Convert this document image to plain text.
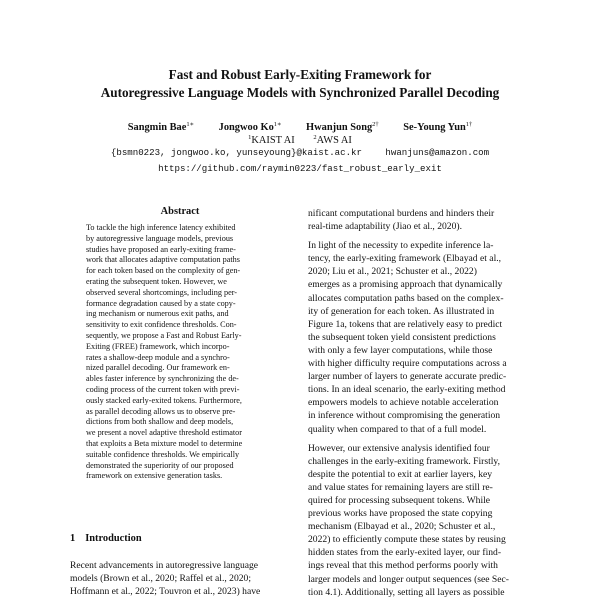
Fast and Robust Early-Exiting Framework for
Autoregressive Language Models with Synchronized Parallel Decoding
Sangmin Bae$^{1∗}$ Jongwoo $Ko^{1∗}$ Hwanjun Song$^{2\dagger}$ Se-Young Yun$^{1\dagger}$
$^1$KAIST AI	$^2$AWS AI
{bsmn0223, jongwoo.ko, yunseyoung}@kaist.ac.kr	hwanjuns@amazon.com
https://github.com/raymin0223/fast_robust_early_exit
Abstract
To tackle the high inference latency exhibited
by autoregressive language models, previous
studies have proposed an early-exiting frame-
work that allocates adaptive computation paths
for each token based on the complexity of gen-
erating the subsequent token. However, we
observed several shortcomings, including per-
formance degradation caused by a state copy-
ing mechanism or numerous exit paths, and
sensitivity to exit confidence thresholds. Con-
sequently, we propose a Fast and Robust Early-
Exiting (FREE) framework, which incorpo-
rates a shallow-deep module and a synchro-
nized parallel decoding. Our framework en-
ables faster inference by synchronizing the de-
coding process of the current token with previ-
ously stacked early-exited tokens. Furthermore,
as parallel decoding allows us to observe pre-
dictions from both shallow and deep models,
we present a novel adaptive threshold estimator
that exploits a Beta mixture model to determine
suitable confidence thresholds. We empirically
demonstrated the superiority of our proposed
framework on extensive generation tasks.
1 Introduction
Recent advancements in autoregressive language
models (Brown et al., 2020; Raffel et al., 2020;
Hoffmann et al., 2022; Touvron et al., 2023) have
nificant computational burdens and hinders their
real-time adaptability (Jiao et al., 2020).
In light of the necessity to expedite inference la-
tency, the early-exiting framework (Elbayad et al.,
2020; Liu et al., 2021; Schuster et al., 2022)
emerges as a promising approach that dynamically
allocates computation paths based on the complex-
ity of generation for each token. As illustrated in
Figure 1a, tokens that are relatively easy to predict
the subsequent token yield consistent predictions
with only a few layer computations, while those
with higher difficulty require computations across a
larger number of layers to generate accurate predic-
tions. In an ideal scenario, the early-exiting method
empowers models to achieve notable acceleration
in inference without compromising the generation
quality when compared to that of a full model.
However, our extensive analysis identified four
challenges in the early-exiting framework. Firstly,
despite the potential to exit at earlier layers, key
and value states for remaining layers are still re-
quired for processing subsequent tokens. While
previous works have proposed the state copying
mechanism (Elbayad et al., 2020; Schuster et al.,
2022) to efficiently compute these states by reusing
hidden states from the early-exited layer, our find-
ings reveal that this method performs poorly with
larger models and longer output sequences (see Sec-
tion 4.1). Additionally, setting all layers as possible
